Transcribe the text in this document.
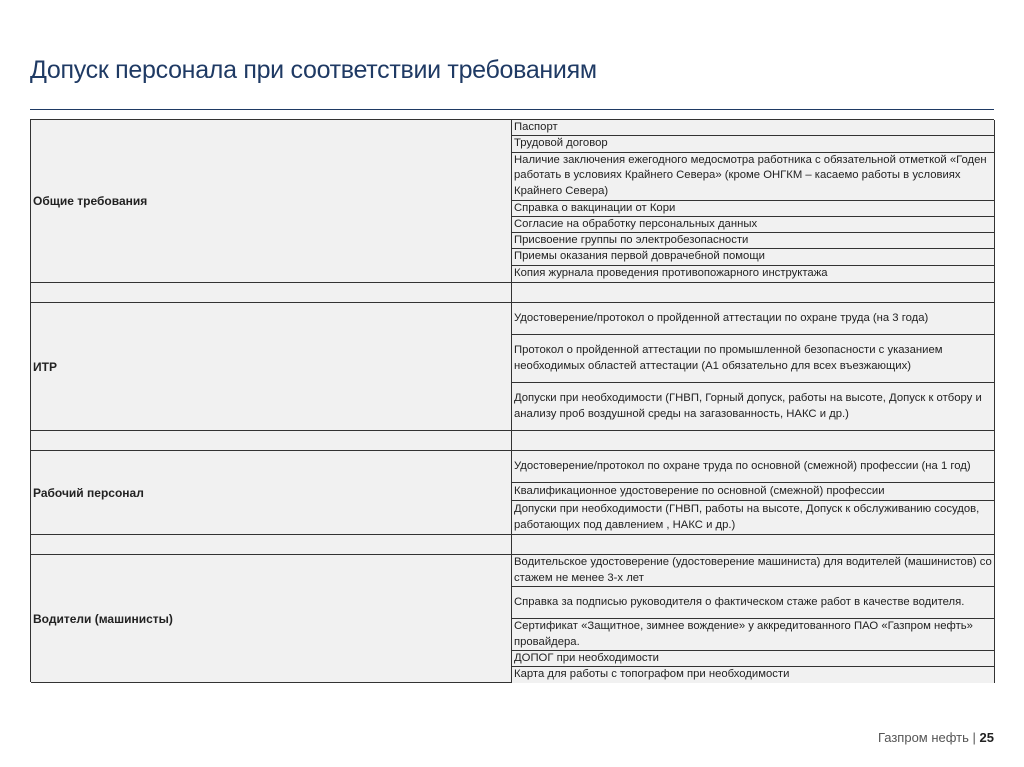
Допуск персонала при соответствии требованиям
Общие требования
Паспорт
Трудовой договор
Наличие заключения ежегодного медосмотра работника с обязательной отметкой «Годен работать в условиях Крайнего Севера» (кроме ОНГКМ – касаемо работы в условиях Крайнего Севера)
Справка о вакцинации от Кори
Согласие на обработку персональных данных
Присвоение группы по электробезопасности
Приемы оказания первой доврачебной помощи
Копия журнала проведения противопожарного инструктажа
ИТР
Удостоверение/протокол о пройденной аттестации по охране труда (на 3 года)
Протокол о пройденной аттестации по промышленной безопасности с указанием необходимых областей аттестации (А1 обязательно для всех въезжающих)
Допуски при необходимости (ГНВП, Горный допуск, работы на высоте, Допуск к отбору и анализу проб воздушной среды на загазованность, НАКС и др.)
Рабочий персонал
Удостоверение/протокол по охране труда по основной (смежной) профессии (на 1 год)
Квалификационное удостоверение по основной (смежной) профессии
Допуски при необходимости (ГНВП, работы на высоте, Допуск к обслуживанию сосудов, работающих под давлением , НАКС и др.)
Водители (машинисты)
Водительское удостоверение (удостоверение машиниста) для водителей (машинистов) со стажем не менее 3-х лет
Справка за подписью руководителя о фактическом стаже работ в качестве водителя.
Сертификат «Защитное, зимнее вождение» у аккредитованного ПАО «Газпром нефть» провайдера.
ДОПОГ при необходимости
Карта для работы с топографом при необходимости
Газпром нефть | 25
